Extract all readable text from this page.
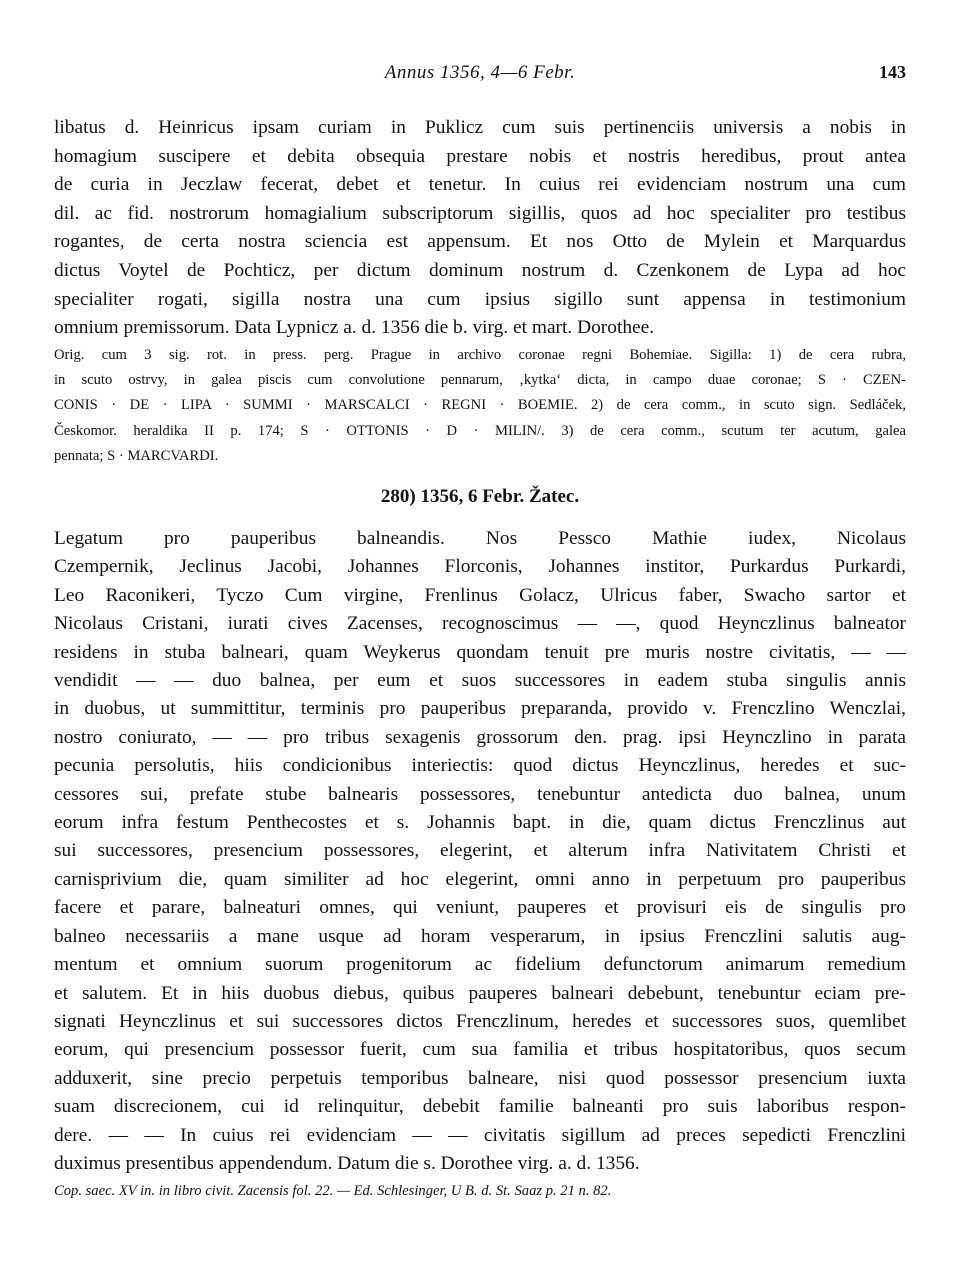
Annus 1356, 4—6 Febr.	143
libatus d. Heinricus ipsam curiam in Puklicz cum suis pertinenciis universis a nobis in
homagium suscipere et debita obsequia prestare nobis et nostris heredibus, prout antea
de curia in Jeczlaw fecerat, debet et tenetur. In cuius rei evidenciam nostrum una cum
dil. ac fid. nostrorum homagialium subscriptorum sigillis, quos ad hoc specialiter pro testibus
rogantes, de certa nostra sciencia est appensum. Et nos Otto de Mylein et Marquardus
dictus Voytel de Pochticz, per dictum dominum nostrum d. Czenkonem de Lypa ad hoc
specialiter rogati, sigilla nostra una cum ipsius sigillo sunt appensa in testimonium
omnium premissorum. Data Lypnicz a. d. 1356 die b. virg. et mart. Dorothee.
Orig. cum 3 sig. rot. in press. perg. Prague in archivo coronae regni Bohemiae. Sigilla: 1) de cera rubra,
in scuto ostrvy, in galea piscis cum convolutione pennarum, ‚kytka‘ dicta, in campo duae coronae; S · CZEN-
CONIS · DE · LIPA · SUMMI · MARSCALCI · REGNI · BOEMIE. 2) de cera comm., in scuto sign. Sedláček,
Českomor. heraldika II p. 174; S · OTTONIS · D · MILIN/. 3) de cera comm., scutum ter acutum, galea
pennata; S · MARCVARDI.
280) 1356, 6 Febr. Žatec.
Legatum pro pauperibus balneandis. Nos Pessco Mathie iudex, Nicolaus
Czempernik, Jeclinus Jacobi, Johannes Florconis, Johannes institor, Purkardus Purkardi,
Leo Raconikeri, Tyczo Cum virgine, Frenlinus Golacz, Ulricus faber, Swacho sartor et
Nicolaus Cristani, iurati cives Zacenses, recognoscimus — —, quod Heynczlinus balneator
residens in stuba balneari, quam Weykerus quondam tenuit pre muris nostre civitatis, — —
vendidit — — duo balnea, per eum et suos successores in eadem stuba singulis annis
in duobus, ut summittitur, terminis pro pauperibus preparanda, provido v. Frenczlino Wenczlai,
nostro coniurato, — — pro tribus sexagenis grossorum den. prag. ipsi Heynczlino in parata
pecunia persolutis, hiis condicionibus interiectis: quod dictus Heynczlinus, heredes et suc-
cessores sui, prefate stube balnearis possessores, tenebuntur antedicta duo balnea, unum
eorum infra festum Penthecostes et s. Johannis bapt. in die, quam dictus Frenczlinus aut
sui successores, presencium possessores, elegerint, et alterum infra Nativitatem Christi et
carnisprivium die, quam similiter ad hoc elegerint, omni anno in perpetuum pro pauperibus
facere et parare, balneaturi omnes, qui veniunt, pauperes et provisuri eis de singulis pro
balneo necessariis a mane usque ad horam vesperarum, in ipsius Frenczlini salutis aug-
mentum et omnium suorum progenitorum ac fidelium defunctorum animarum remedium
et salutem. Et in hiis duobus diebus, quibus pauperes balneari debebunt, tenebuntur eciam pre-
signati Heynczlinus et sui successores dictos Frenczlinum, heredes et successores suos, quemlibet
eorum, qui presencium possessor fuerit, cum sua familia et tribus hospitatoribus, quos secum
adduxerit, sine precio perpetuis temporibus balneare, nisi quod possessor presencium iuxta
suam discrecionem, cui id relinquitur, debebit familie balneanti pro suis laboribus respon-
dere. — — In cuius rei evidenciam — — civitatis sigillum ad preces sepedicti Frenczlini
duximus presentibus appendendum. Datum die s. Dorothee virg. a. d. 1356.
Cop. saec. XV in. in libro civit. Zacensis fol. 22. — Ed. Schlesinger, U B. d. St. Saaz p. 21 n. 82.
